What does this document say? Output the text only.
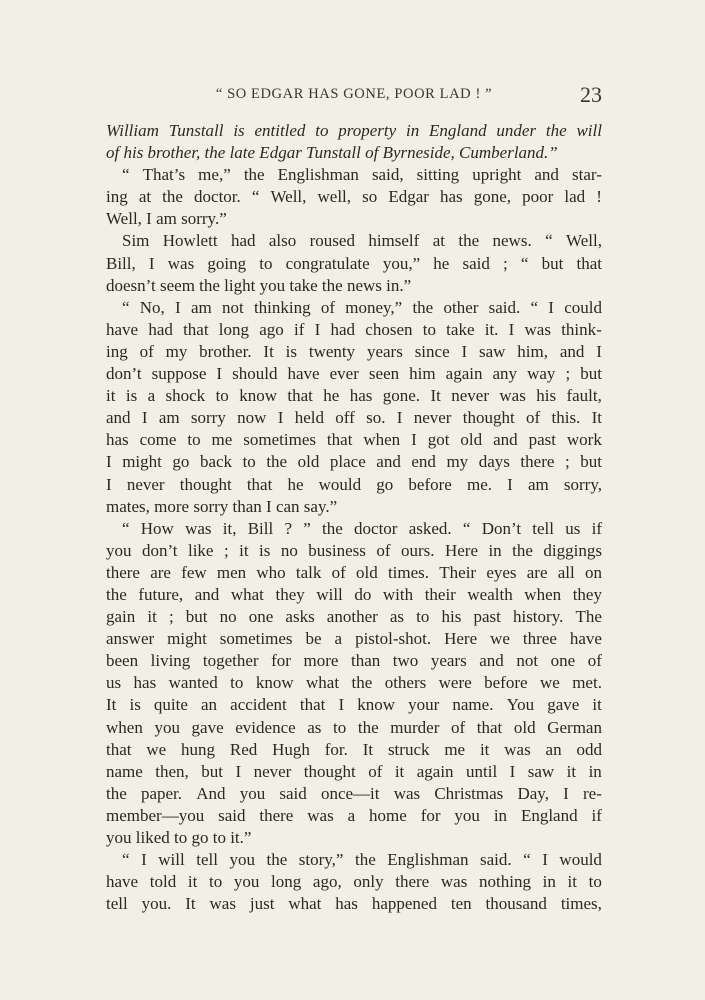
“ SO EDGAR HAS GONE, POOR LAD ! ”	23
William Tunstall is entitled to property in England under the will
of his brother, the late Edgar Tunstall of Byrneside, Cumberland.”
“ That’s me,” the Englishman said, sitting upright and star-
ing at the doctor. “ Well, well, so Edgar has gone, poor lad !
Well, I am sorry.”
Sim Howlett had also roused himself at the news. “ Well,
Bill, I was going to congratulate you,” he said ; “ but that
doesn’t seem the light you take the news in.”
“ No, I am not thinking of money,” the other said. “ I could
have had that long ago if I had chosen to take it. I was think-
ing of my brother. It is twenty years since I saw him, and I
don’t suppose I should have ever seen him again any way ; but
it is a shock to know that he has gone. It never was his fault,
and I am sorry now I held off so. I never thought of this. It
has come to me sometimes that when I got old and past work
I might go back to the old place and end my days there ; but
I never thought that he would go before me. I am sorry,
mates, more sorry than I can say.”
“ How was it, Bill ? ” the doctor asked. “ Don’t tell us if
you don’t like ; it is no business of ours. Here in the diggings
there are few men who talk of old times. Their eyes are all on
the future, and what they will do with their wealth when they
gain it ; but no one asks another as to his past history. The
answer might sometimes be a pistol-shot. Here we three have
been living together for more than two years and not one of
us has wanted to know what the others were before we met.
It is quite an accident that I know your name. You gave it
when you gave evidence as to the murder of that old German
that we hung Red Hugh for. It struck me it was an odd
name then, but I never thought of it again until I saw it in
the paper. And you said once—it was Christmas Day, I re-
member—you said there was a home for you in England if
you liked to go to it.”
“ I will tell you the story,” the Englishman said. “ I would
have told it to you long ago, only there was nothing in it to
tell you. It was just what has happened ten thousand times,
